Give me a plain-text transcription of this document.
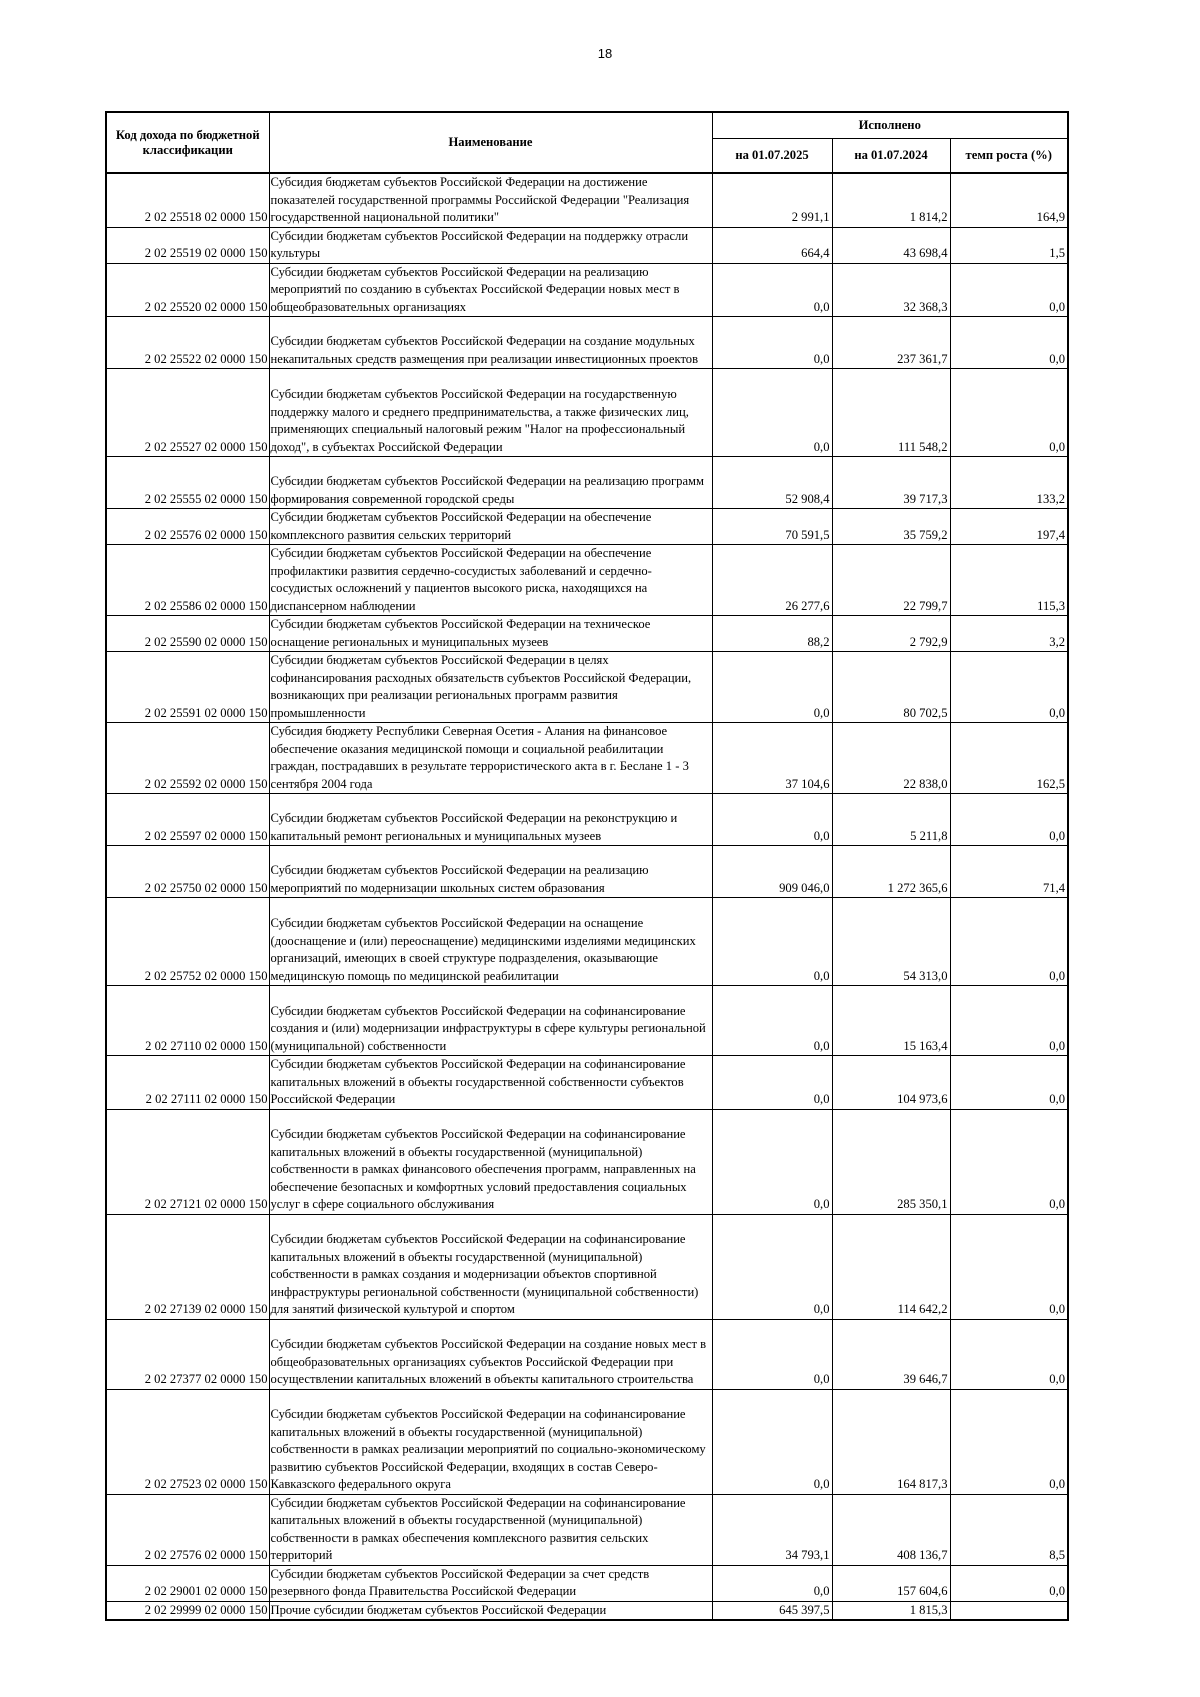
18
Код дохода по бюджетной классификации	Наименование	Исполнено		
		на 01.07.2025	на 01.07.2024	темп роста (%)
2 02 25518 02 0000 150	Субсидия бюджетам субъектов Российской Федерации на достижение показателей государственной программы Российской Федерации "Реализация государственной национальной политики"	2 991,1	1 814,2	164,9
2 02 25519 02 0000 150	Субсидии бюджетам субъектов Российской Федерации на поддержку отрасли культуры	664,4	43 698,4	1,5
2 02 25520 02 0000 150	Субсидии бюджетам субъектов Российской Федерации на реализацию мероприятий по созданию в субъектах Российской Федерации новых мест в общеобразовательных организациях	0,0	32 368,3	0,0
2 02 25522 02 0000 150	Субсидии бюджетам субъектов Российской Федерации на создание модульных некапитальных средств размещения при реализации инвестиционных проектов	0,0	237 361,7	0,0
2 02 25527 02 0000 150	Субсидии бюджетам субъектов Российской Федерации на государственную поддержку малого и среднего предпринимательства, а также физических лиц, применяющих специальный налоговый режим "Налог на профессиональный доход", в субъектах Российской Федерации	0,0	111 548,2	0,0
2 02 25555 02 0000 150	Субсидии бюджетам субъектов Российской Федерации на реализацию программ формирования современной городской среды	52 908,4	39 717,3	133,2
2 02 25576 02 0000 150	Субсидии бюджетам субъектов Российской Федерации на обеспечение комплексного развития сельских территорий	70 591,5	35 759,2	197,4
2 02 25586 02 0000 150	Субсидии бюджетам субъектов Российской Федерации на обеспечение профилактики развития сердечно-сосудистых заболеваний и сердечно-сосудистых осложнений у пациентов высокого риска, находящихся на диспансерном наблюдении	26 277,6	22 799,7	115,3
2 02 25590 02 0000 150	Субсидии бюджетам субъектов Российской Федерации на техническое оснащение региональных и муниципальных музеев	88,2	2 792,9	3,2
2 02 25591 02 0000 150	Субсидии бюджетам субъектов Российской Федерации в целях софинансирования расходных обязательств субъектов Российской Федерации, возникающих при реализации региональных программ развития промышленности	0,0	80 702,5	0,0
2 02 25592 02 0000 150	Субсидия бюджету Республики Северная Осетия - Алания на финансовое обеспечение оказания медицинской помощи и социальной реабилитации граждан, пострадавших в результате террористического акта в г. Беслане 1 - 3 сентября 2004 года	37 104,6	22 838,0	162,5
2 02 25597 02 0000 150	Субсидии бюджетам субъектов Российской Федерации на реконструкцию и капитальный ремонт региональных и муниципальных музеев	0,0	5 211,8	0,0
2 02 25750 02 0000 150	Субсидии бюджетам субъектов Российской Федерации на реализацию мероприятий по модернизации школьных систем образования	909 046,0	1 272 365,6	71,4
2 02 25752 02 0000 150	Субсидии бюджетам субъектов Российской Федерации на оснащение (дооснащение и (или) переоснащение) медицинскими изделиями медицинских организаций, имеющих в своей структуре подразделения, оказывающие медицинскую помощь по медицинской реабилитации	0,0	54 313,0	0,0
2 02 27110 02 0000 150	Субсидии бюджетам субъектов Российской Федерации на софинансирование создания и (или) модернизации инфраструктуры в сфере культуры региональной (муниципальной) собственности	0,0	15 163,4	0,0
2 02 27111 02 0000 150	Субсидии бюджетам субъектов Российской Федерации на софинансирование капитальных вложений в объекты государственной собственности субъектов Российской Федерации	0,0	104 973,6	0,0
2 02 27121 02 0000 150	Субсидии бюджетам субъектов Российской Федерации на софинансирование капитальных вложений в объекты государственной (муниципальной) собственности в рамках финансового обеспечения программ, направленных на обеспечение безопасных и комфортных условий предоставления социальных услуг в сфере социального обслуживания	0,0	285 350,1	0,0
2 02 27139 02 0000 150	Субсидии бюджетам субъектов Российской Федерации на софинансирование капитальных вложений в объекты государственной (муниципальной) собственности в рамках создания и модернизации объектов спортивной инфраструктуры региональной собственности (муниципальной собственности) для занятий физической культурой и спортом	0,0	114 642,2	0,0
2 02 27377 02 0000 150	Субсидии бюджетам субъектов Российской Федерации на создание новых мест в общеобразовательных организациях субъектов Российской Федерации при осуществлении капитальных вложений в объекты капитального строительства	0,0	39 646,7	0,0
2 02 27523 02 0000 150	Субсидии бюджетам субъектов Российской Федерации на софинансирование капитальных вложений в объекты государственной (муниципальной) собственности в рамках реализации мероприятий по социально-экономическому развитию субъектов Российской Федерации, входящих в состав Северо-Кавказского федерального округа	0,0	164 817,3	0,0
2 02 27576 02 0000 150	Субсидии бюджетам субъектов Российской Федерации на софинансирование капитальных вложений в объекты государственной (муниципальной) собственности в рамках обеспечения комплексного развития сельских территорий	34 793,1	408 136,7	8,5
2 02 29001 02 0000 150	Субсидии бюджетам субъектов Российской Федерации за счет средств резервного фонда Правительства Российской Федерации	0,0	157 604,6	0,0
2 02 29999 02 0000 150	Прочие субсидии бюджетам субъектов Российской Федерации	645 397,5	1 815,3	
